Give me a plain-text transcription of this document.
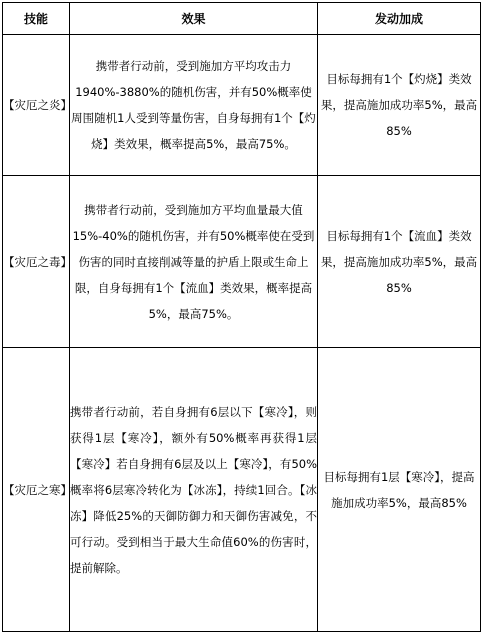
技能	效果	发动加成
【灾厄之炎】	携带者行动前，受到施加方平均攻击力1940%-3880%的随机伤害，并有50%概率使周围随机1人受到等量伤害，自身每拥有1个【灼烧】类效果，概率提高5%，最高75%。	目标每拥有1个【灼烧】类效果，提高施加成功率5%，最高85%
【灾厄之毒】	携带者行动前，受到施加方平均血量最大值15%-40%的随机伤害，并有50%概率使在受到伤害的同时直接削减等量的护盾上限或生命上限，自身每拥有1个【流血】类效果，概率提高5%，最高75%。	目标每拥有1个【流血】类效果，提高施加成功率5%，最高85%
【灾厄之寒】	携带者行动前，若自身拥有6层以下【寒冷】，则获得1层【寒冷】，额外有50%概率再获得1层【寒冷】若自身拥有6层及以上【寒冷】，有50%概率将6层寒冷转化为【冰冻】，持续1回合。【冰冻】降低25%的天御防御力和天御伤害减免，不可行动。受到相当于最大生命值60%的伤害时，提前解除。	目标每拥有1层【寒冷】，提高施加成功率5%，最高85%
